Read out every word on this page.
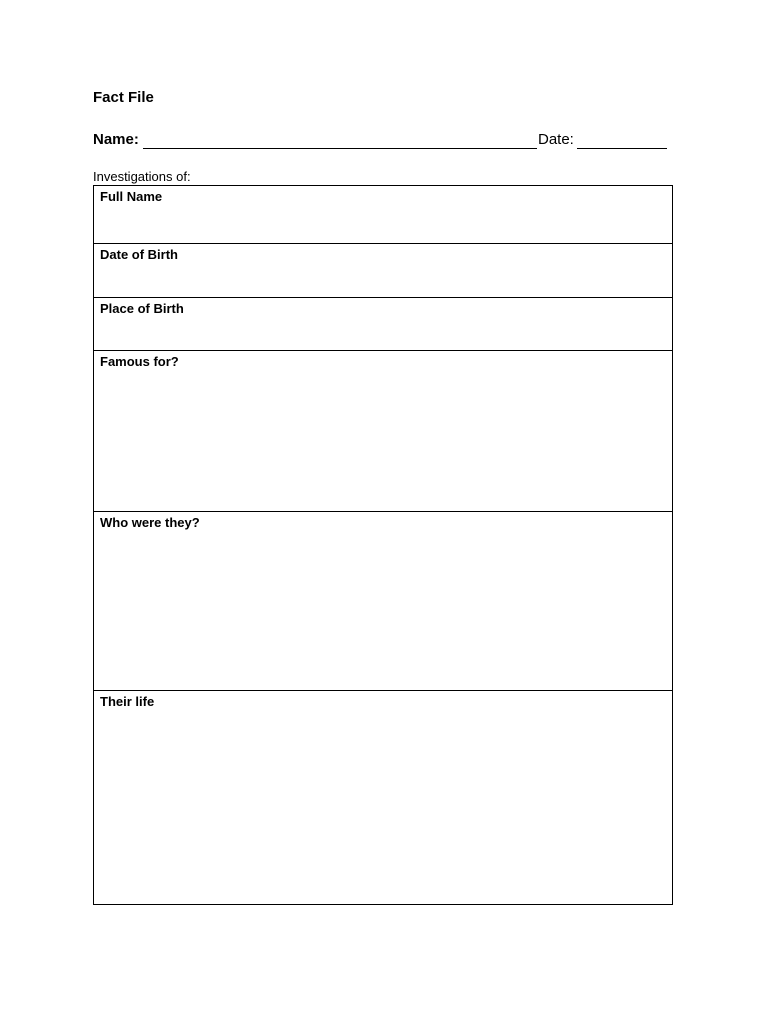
Fact File
Name:	Date:
Investigations of:
Full Name
Date of Birth
Place of Birth
Famous for?
Who were they?
Their life
